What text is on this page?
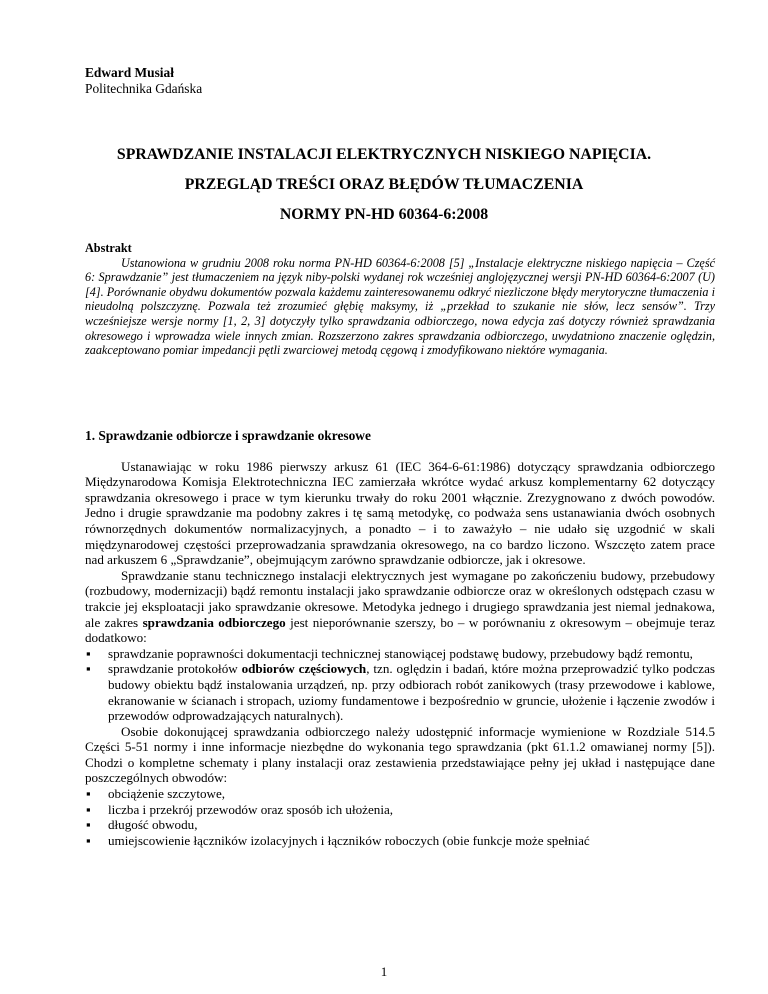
Edward Musiał
Politechnika Gdańska
SPRAWDZANIE INSTALACJI ELEKTRYCZNYCH NISKIEGO NAPIĘCIA.
PRZEGLĄD TREŚCI ORAZ BŁĘDÓW TŁUMACZENIA
NORMY PN-HD 60364-6:2008
Abstrakt
Ustanowiona w grudniu 2008 roku norma PN-HD 60364-6:2008 [5] „Instalacje elektryczne niskiego napięcia – Część 6: Sprawdzanie” jest tłumaczeniem na język niby-polski wydanej rok wcześniej anglojęzycznej wersji PN-HD 60364-6:2007 (U) [4]. Porównanie obydwu dokumentów pozwala każdemu zainteresowanemu odkryć niezliczone błędy merytoryczne tłumaczenia i nieudolną polszczyznę. Pozwala też zrozumieć głębię maksymy, iż „przekład to szukanie nie słów, lecz sensów”. Trzy wcześniejsze wersje normy [1, 2, 3] dotyczyły tylko sprawdzania odbiorczego, nowa edycja zaś dotyczy również sprawdzania okresowego i wprowadza wiele innych zmian. Rozszerzono zakres sprawdzania odbiorczego, uwydatniono znaczenie oględzin, zaakceptowano pomiar impedancji pętli zwarciowej metodą cęgową i zmodyfikowano niektóre wymagania.
1. Sprawdzanie odbiorcze i sprawdzanie okresowe

Ustanawiając w roku 1986 pierwszy arkusz 61 (IEC 364-6-61:1986) dotyczący sprawdzania odbiorczego Międzynarodowa Komisja Elektrotechniczna IEC zamierzała wkrótce wydać arkusz komplementarny 62 dotyczący sprawdzania okresowego i prace w tym kierunku trwały do roku 2001 włącznie. Zrezygnowano z dwóch powodów. Jedno i drugie sprawdzanie ma podobny zakres i tę samą metodykę, co podważa sens ustanawiania dwóch osobnych równorzędnych dokumentów normalizacyjnych, a ponadto – i to zaważyło – nie udało się uzgodnić w skali międzynarodowej częstości przeprowadzania sprawdzania okresowego, na co bardzo liczono. Wszczęto zatem prace nad arkuszem 6 „Sprawdzanie”, obejmującym zarówno sprawdzanie odbiorcze, jak i okresowe.

Sprawdzanie stanu technicznego instalacji elektrycznych jest wymagane po zakończeniu budowy, przebudowy (rozbudowy, modernizacji) bądź remontu instalacji jako sprawdzanie odbiorcze oraz w określonych odstępach czasu w trakcie jej eksploatacji jako sprawdzanie okresowe. Metodyka jednego i drugiego sprawdzania jest niemal jednakowa, ale zakres sprawdzania odbiorczego jest nieporównanie szerszy, bo – w porównaniu z okresowym – obejmuje teraz dodatkowo:

▪ sprawdzanie poprawności dokumentacji technicznej stanowiącej podstawę budowy, przebudowy bądź remontu,
▪ sprawdzanie protokołów odbiorów częściowych, tzn. oględzin i badań, które można przeprowadzić tylko podczas budowy obiektu bądź instalowania urządzeń, np. przy odbiorach robót zanikowych (trasy przewodowe i kablowe, ekranowanie w ścianach i stropach, uziomy fundamentowe i bezpośrednio w gruncie, ułożenie i łączenie zwodów i przewodów odprowadzających naturalnych).

Osobie dokonującej sprawdzania odbiorczego należy udostępnić informacje wymienione w Rozdziale 514.5 Części 5-51 normy i inne informacje niezbędne do wykonania tego sprawdzania (pkt 61.1.2 omawianej normy [5]). Chodzi o kompletne schematy i plany instalacji oraz zestawienia przedstawiające pełny jej układ i następujące dane poszczególnych obwodów:

▪ obciążenie szczytowe,
▪ liczba i przekrój przewodów oraz sposób ich ułożenia,
▪ długość obwodu,
▪ umiejscowienie łączników izolacyjnych i łączników roboczych (obie funkcje może spełniać
1
